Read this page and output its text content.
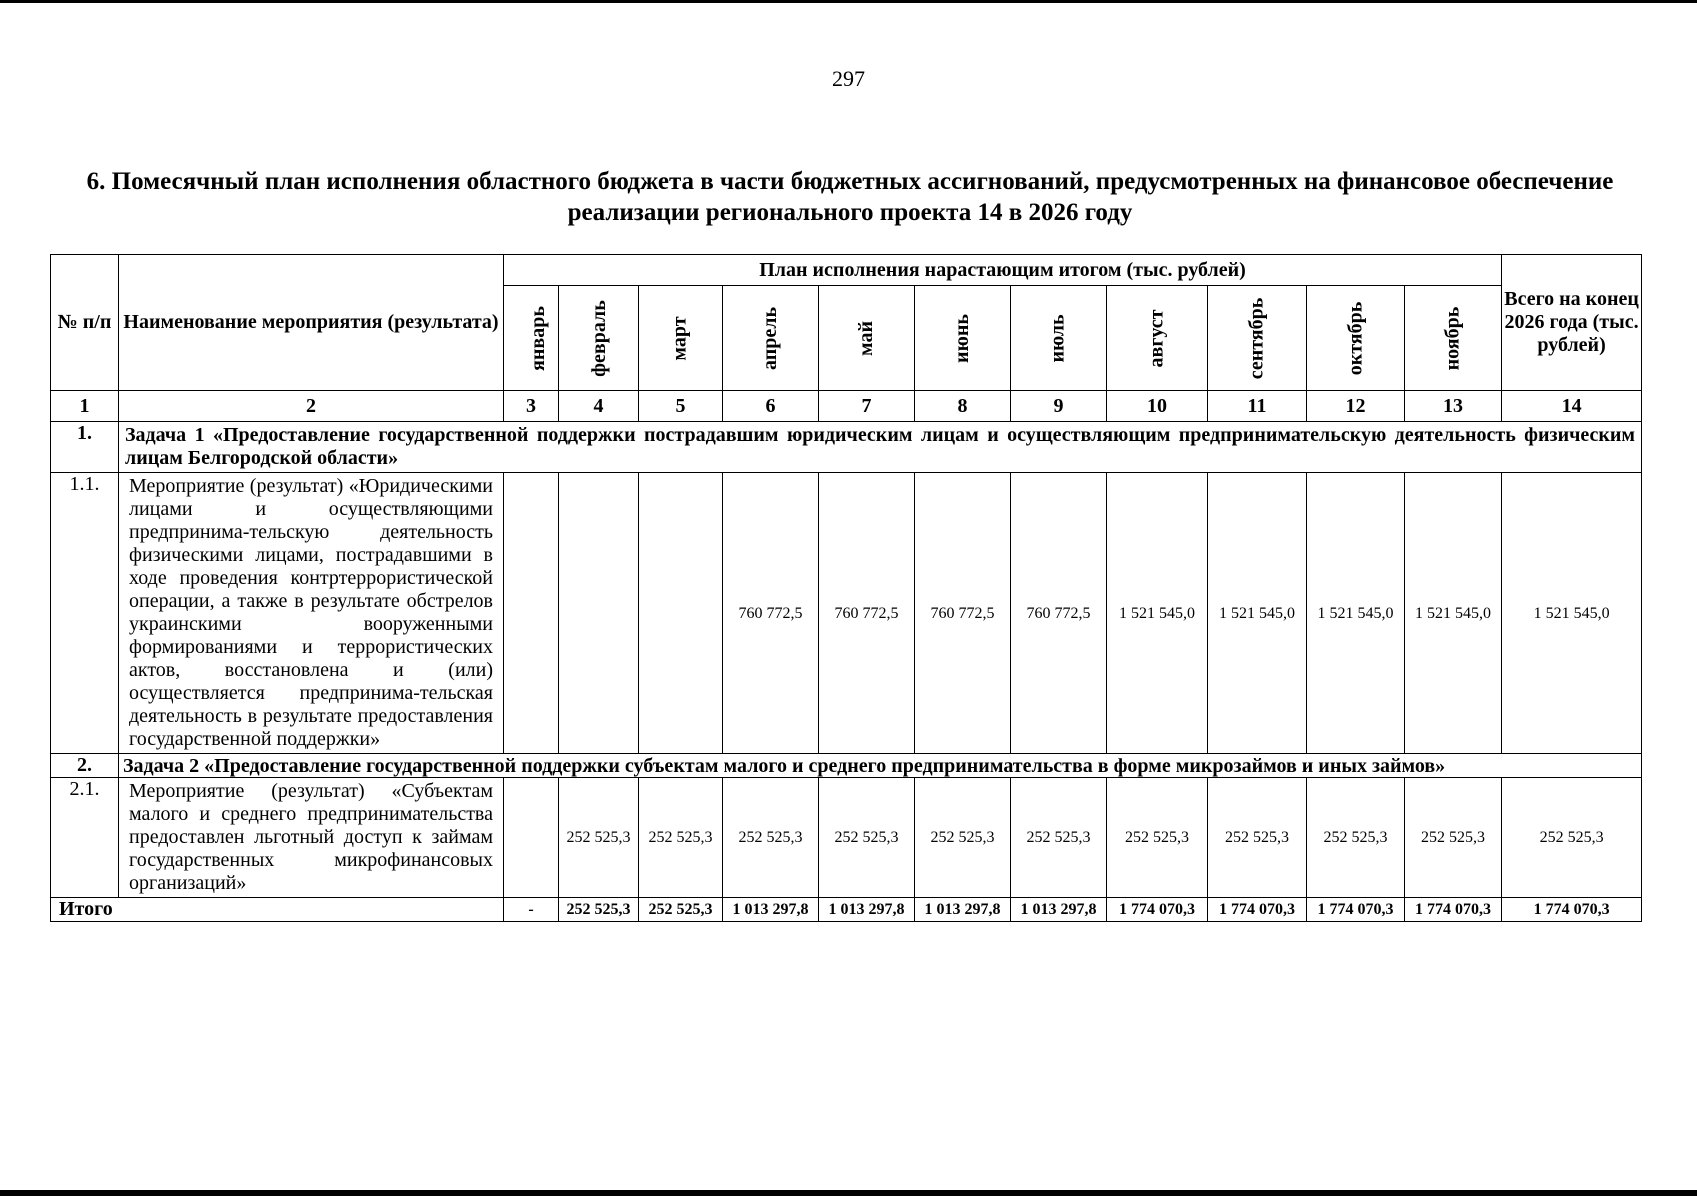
297
6. Помесячный план исполнения областного бюджета в части бюджетных ассигнований, предусмотренных на финансовое обеспечение реализации регионального проекта 14 в 2026 году
№ п/п	Наименование мероприятия (результата)	План исполнения нарастающим итогом (тыс. рублей)											Всего на конец 2026 года (тыс. рублей)
		январь	февраль	март	апрель	май	июнь	июль	август	сентябрь	октябрь	ноябрь	
1	2	3	4	5	6	7	8	9	10	11	12	13	14
1.	Задача 1 «Предоставление государственной поддержки пострадавшим юридическим лицам и осуществляющим предпринимательскую деятельность физическим лицам Белгородской области»												
1.1.	Мероприятие (результат) «Юридическими лицами и осуществляющими предпринима-тельскую деятельность физическими лицами, пострадавшими в ходе проведения контртеррористической операции, а также в результате обстрелов украинскими вооруженными формированиями и террористических актов, восстановлена и (или) осуществляется предпринима-тельская деятельность в результате предоставления государственной поддержки»				760 772,5	760 772,5	760 772,5	760 772,5	1 521 545,0	1 521 545,0	1 521 545,0	1 521 545,0	1 521 545,0
2.	Задача 2 «Предоставление государственной поддержки субъектам малого и среднего предпринимательства в форме микрозаймов и иных займов»												
2.1.	Мероприятие (результат) «Субъектам малого и среднего предпринимательства предоставлен льготный доступ к займам государственных микрофинансовых организаций»		252 525,3	252 525,3	252 525,3	252 525,3	252 525,3	252 525,3	252 525,3	252 525,3	252 525,3	252 525,3	252 525,3
Итого		-	252 525,3	252 525,3	1 013 297,8	1 013 297,8	1 013 297,8	1 013 297,8	1 774 070,3	1 774 070,3	1 774 070,3	1 774 070,3	1 774 070,3
